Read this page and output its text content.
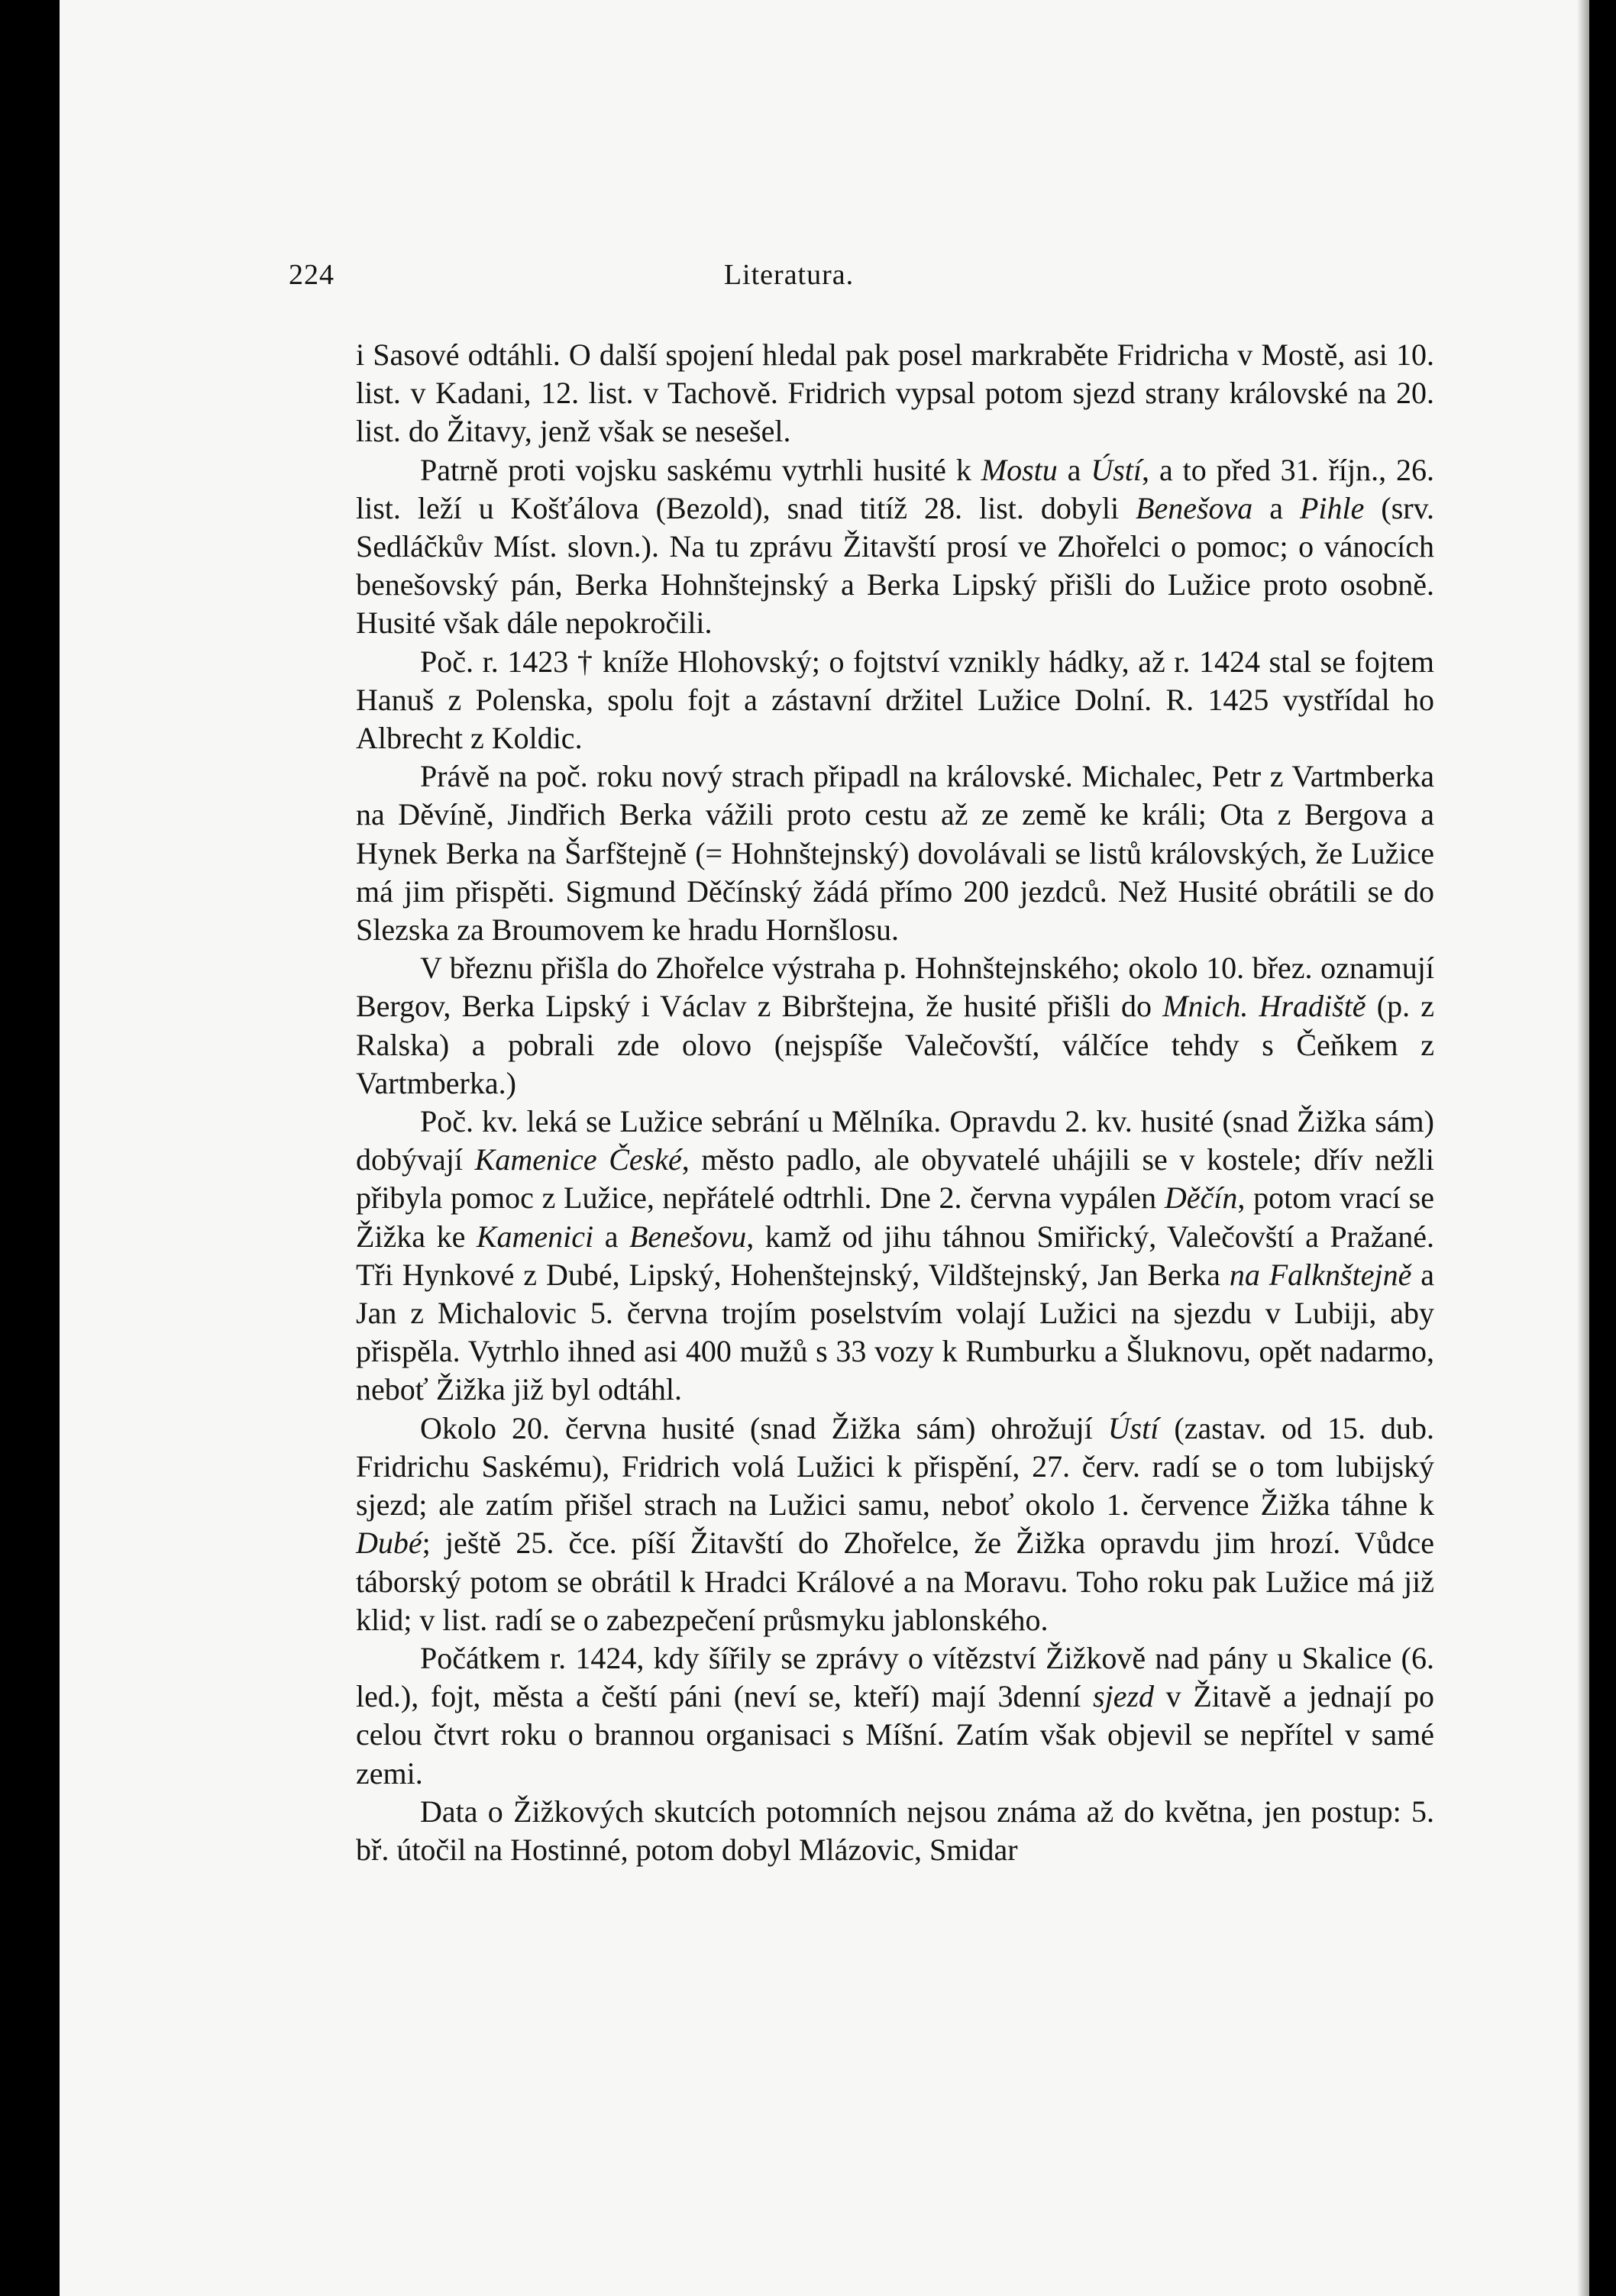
224	Literatura.

i Sasové odtáhli. O další spojení hledal pak posel markraběte Fridricha v Mostě, asi 10. list. v Kadani, 12. list. v Tachově. Fridrich vypsal potom sjezd strany královské na 20. list. do Žitavy, jenž však se nesešel.

Patrně proti vojsku saskému vytrhli husité k Mostu a Ústí, a to před 31. říjn., 26. list. leží u Košťálova (Bezold), snad titíž 28. list. dobyli Benešova a Pihle (srv. Sedláčkův Míst. slovn.). Na tu zprávu Žitavští prosí ve Zhořelci o pomoc; o vánocích benešovský pán, Berka Hohnštejnský a Berka Lipský přišli do Lužice proto osobně. Husité však dále nepokročili.

Poč. r. 1423 † kníže Hlohovský; o fojtství vznikly hádky, až r. 1424 stal se fojtem Hanuš z Polenska, spolu fojt a zástavní držitel Lužice Dolní. R. 1425 vystřídal ho Albrecht z Koldic.

Právě na poč. roku nový strach připadl na královské. Michalec, Petr z Vartmberka na Děvíně, Jindřich Berka vážili proto cestu až ze země ke králi; Ota z Bergova a Hynek Berka na Šarfštejně (= Hohnštejnský) dovolávali se listů královských, že Lužice má jim přispěti. Sigmund Děčínský žádá přímo 200 jezdců. Než Husité obrátili se do Slezska za Broumovem ke hradu Hornšlosu.

V březnu přišla do Zhořelce výstraha p. Hohnštejnského; okolo 10. břez. oznamují Bergov, Berka Lipský i Václav z Bibrštejna, že husité přišli do Mnich. Hradiště (p. z Ralska) a pobrali zde olovo (nejspíše Valečovští, válčíce tehdy s Čeňkem z Vartmberka.)

Poč. kv. leká se Lužice sebrání u Mělníka. Opravdu 2. kv. husité (snad Žižka sám) dobývají Kamenice České, město padlo, ale obyvatelé uhájili se v kostele; dřív nežli přibyla pomoc z Lužice, nepřátelé odtrhli. Dne 2. června vypálen Děčín, potom vrací se Žižka ke Kamenici a Benešovu, kamž od jihu táhnou Smiřický, Valečovští a Pražané. Tři Hynkové z Dubé, Lipský, Hohenštejnský, Vildštejnský, Jan Berka na Falknštejně a Jan z Michalovic 5. června trojím poselstvím volají Lužici na sjezdu v Lubiji, aby přispěla. Vytrhlo ihned asi 400 mužů s 33 vozy k Rumburku a Šluknovu, opět nadarmo, neboť Žižka již byl odtáhl.

Okolo 20. června husité (snad Žižka sám) ohrožují Ústí (zastav. od 15. dub. Fridrichu Saskému), Fridrich volá Lužici k přispění, 27. červ. radí se o tom lubijský sjezd; ale zatím přišel strach na Lužici samu, neboť okolo 1. července Žižka táhne k Dubé; ještě 25. čce. píší Žitavští do Zhořelce, že Žižka opravdu jim hrozí. Vůdce táborský potom se obrátil k Hradci Králové a na Moravu. Toho roku pak Lužice má již klid; v list. radí se o zabezpečení průsmyku jablonského.

Počátkem r. 1424, kdy šířily se zprávy o vítězství Žižkově nad pány u Skalice (6. led.), fojt, města a čeští páni (neví se, kteří) mají 3denní sjezd v Žitavě a jednají po celou čtvrt roku o brannou organisaci s Míšní. Zatím však objevil se nepřítel v samé zemi.

Data o Žižkových skutcích potomních nejsou známa až do května, jen postup: 5. bř. útočil na Hostinné, potom dobyl Mlázovic, Smidar
